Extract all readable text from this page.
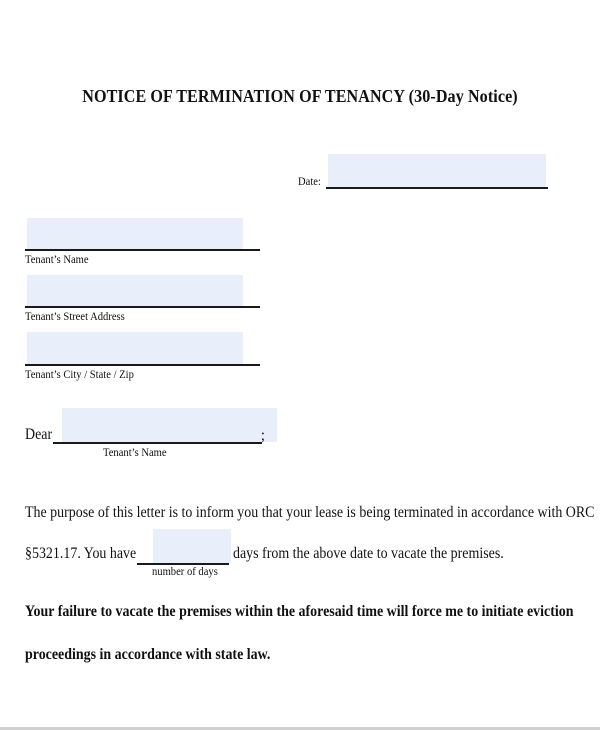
NOTICE OF TERMINATION OF TENANCY (30-Day Notice)
Date:
Tenant’s Name
Tenant’s Street Address
Tenant’s City / State / Zip
Dear	;
Tenant’s Name
The purpose of this letter is to inform you that your lease is being terminated in accordance with ORC
§5321.17. You have	days from the above date to vacate the premises.
number of days
Your failure to vacate the premises within the aforesaid time will force me to initiate eviction
proceedings in accordance with state law.
